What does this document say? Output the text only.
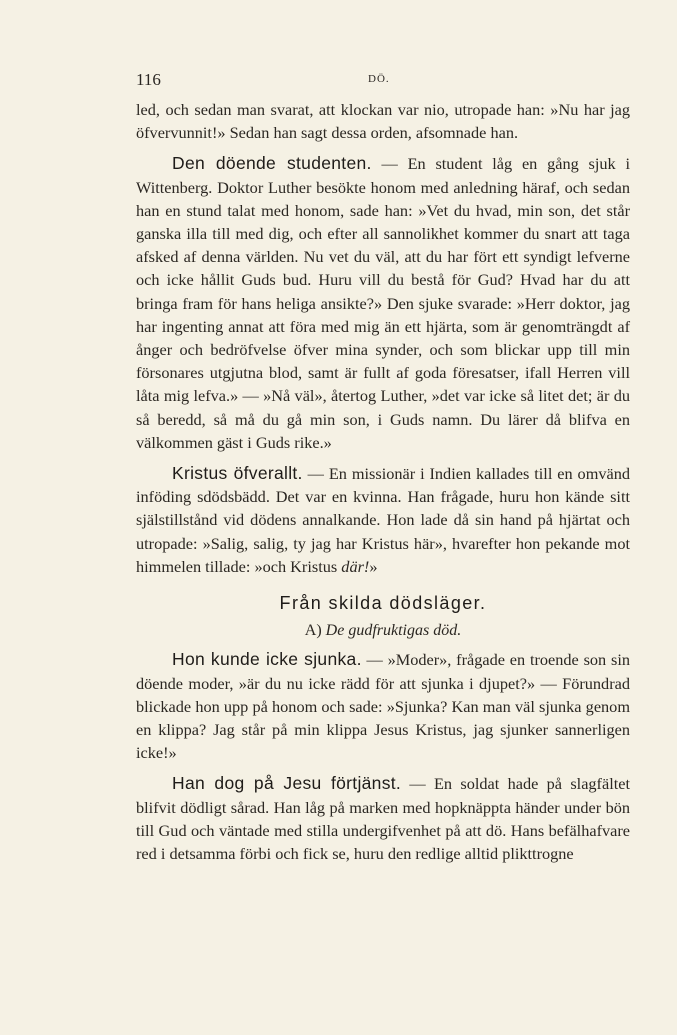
116	DÖ.

led, och sedan man svarat, att klockan var nio, utropade han: »Nu har jag öfvervunnit!» Sedan han sagt dessa orden, afsomnade han.

Den döende studenten. — En student låg en gång sjuk i Wittenberg. Doktor Luther besökte honom med anledning häraf, och sedan han en stund talat med honom, sade han: »Vet du hvad, min son, det står ganska illa till med dig, och efter all sannolikhet kommer du snart att taga afsked af denna världen. Nu vet du väl, att du har fört ett syndigt lefverne och icke hållit Guds bud. Huru vill du bestå för Gud? Hvad har du att bringa fram för hans heliga ansikte?» Den sjuke svarade: »Herr doktor, jag har ingenting annat att föra med mig än ett hjärta, som är genomträngdt af ånger och bedröfvelse öfver mina synder, och som blickar upp till min försonares utgjutna blod, samt är fullt af goda föresatser, ifall Herren vill låta mig lefva.» — »Nå väl», återtog Luther, »det var icke så litet det; är du så beredd, så må du gå min son, i Guds namn. Du lärer då blifva en välkommen gäst i Guds rike.»

Kristus öfverallt. — En missionär i Indien kallades till en omvänd inföding sdödsbädd. Det var en kvinna. Han frågade, huru hon kände sitt själstillstånd vid dödens annalkande. Hon lade då sin hand på hjärtat och utropade: »Salig, salig, ty jag har Kristus här», hvarefter hon pekande mot himmelen tillade: »och Kristus där!»

Från skilda dödsläger.

A) De gudfruktigas död.

Hon kunde icke sjunka. — »Moder», frågade en troende son sin döende moder, »är du nu icke rädd för att sjunka i djupet?» — Förundrad blickade hon upp på honom och sade: »Sjunka? Kan man väl sjunka genom en klippa? Jag står på min klippa Jesus Kristus, jag sjunker sannerligen icke!»

Han dog på Jesu förtjänst. — En soldat hade på slagfältet blifvit dödligt sårad. Han låg på marken med hopknäppta händer under bön till Gud och väntade med stilla undergifvenhet på att dö. Hans befälhafvare red i detsamma förbi och fick se, huru den redlige alltid plikttrogne
